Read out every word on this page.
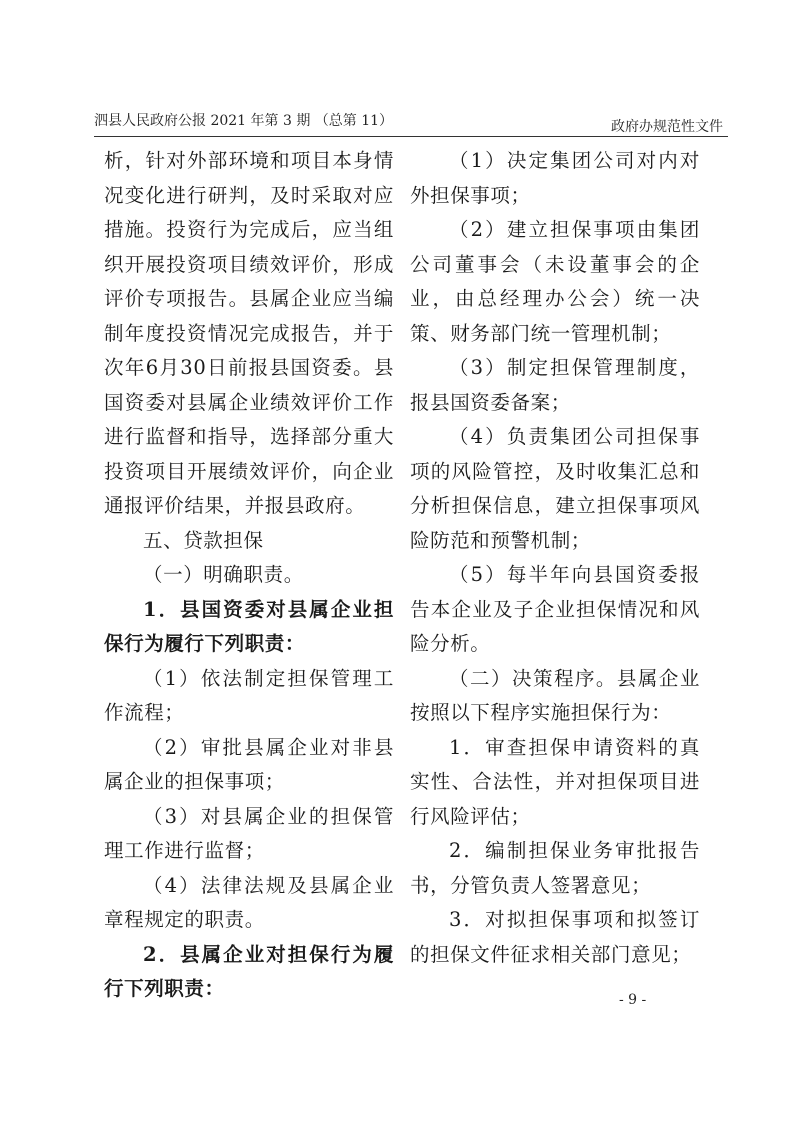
泗县人民政府公报 2021 年第 3 期 （总第 11）	政府办规范性文件

析，针对外部环境和项目本身情况变化进行研判，及时采取对应措施。投资行为完成后，应当组织开展投资项目绩效评价，形成评价专项报告。县属企业应当编制年度投资情况完成报告，并于次年6月30日前报县国资委。县国资委对县属企业绩效评价工作进行监督和指导，选择部分重大投资项目开展绩效评价，向企业通报评价结果，并报县政府。

五、贷款担保

（一）明确职责。

1．县国资委对县属企业担保行为履行下列职责：

（1）依法制定担保管理工作流程；

（2）审批县属企业对非县属企业的担保事项；

（3）对县属企业的担保管理工作进行监督；

（4）法律法规及县属企业章程规定的职责。

2．县属企业对担保行为履行下列职责：

（1）决定集团公司对内对外担保事项；

（2）建立担保事项由集团公司董事会（未设董事会的企业，由总经理办公会）统一决策、财务部门统一管理机制；

（3）制定担保管理制度，报县国资委备案；

（4）负责集团公司担保事项的风险管控，及时收集汇总和分析担保信息，建立担保事项风险防范和预警机制；

（5）每半年向县国资委报告本企业及子企业担保情况和风险分析。

（二）决策程序。县属企业按照以下程序实施担保行为：

1．审查担保申请资料的真实性、合法性，并对担保项目进行风险评估；

2．编制担保业务审批报告书，分管负责人签署意见；

3．对拟担保事项和拟签订的担保文件征求相关部门意见；

- 9 -
